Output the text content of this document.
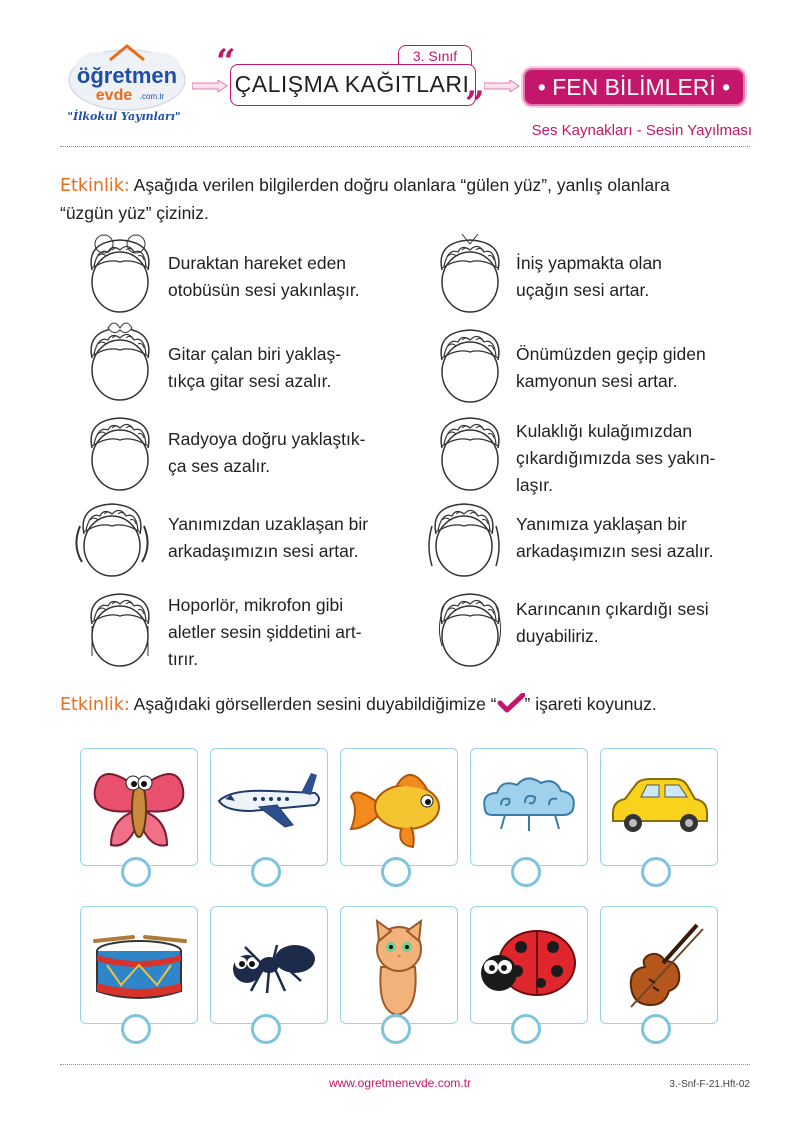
öğretmen
evde .com.tr
"İlkokul Yayınları"
3. Sınıf
ÇALIŞMA KAĞITLARI
“
”	• FEN BİLİMLERİ •
Ses Kaynakları - Sesin Yayılması
Etkinlik: Aşağıda verilen bilgilerden doğru olanlara “gülen yüz”, yanlış olanlara
“üzgün yüz” çiziniz.
Duraktan hareket eden
otobüsün sesi yakınlaşır.
Gitar çalan biri yaklaş-
tıkça gitar sesi azalır.
Radyoya doğru yaklaştık-
ça ses azalır.
Yanımızdan uzaklaşan bir
arkadaşımızın sesi artar.
Hoporlör, mikrofon gibi
aletler sesin şiddetini art-
tırır.
İniş yapmakta olan
uçağın sesi artar.
Önümüzden geçip giden
kamyonun sesi artar.
Kulaklığı kulağımızdan
çıkardığımızda ses yakın-
laşır.
Yanımıza yaklaşan bir
arkadaşımızın sesi azalır.
Karıncanın çıkardığı sesi
duyabiliriz.
Etkinlik: Aşağıdaki görsellerden sesini duyabildiğimize “ ” işareti koyunuz.
www.ogretmenevde.com.tr	3.-Snf-F-21.Hft-02
